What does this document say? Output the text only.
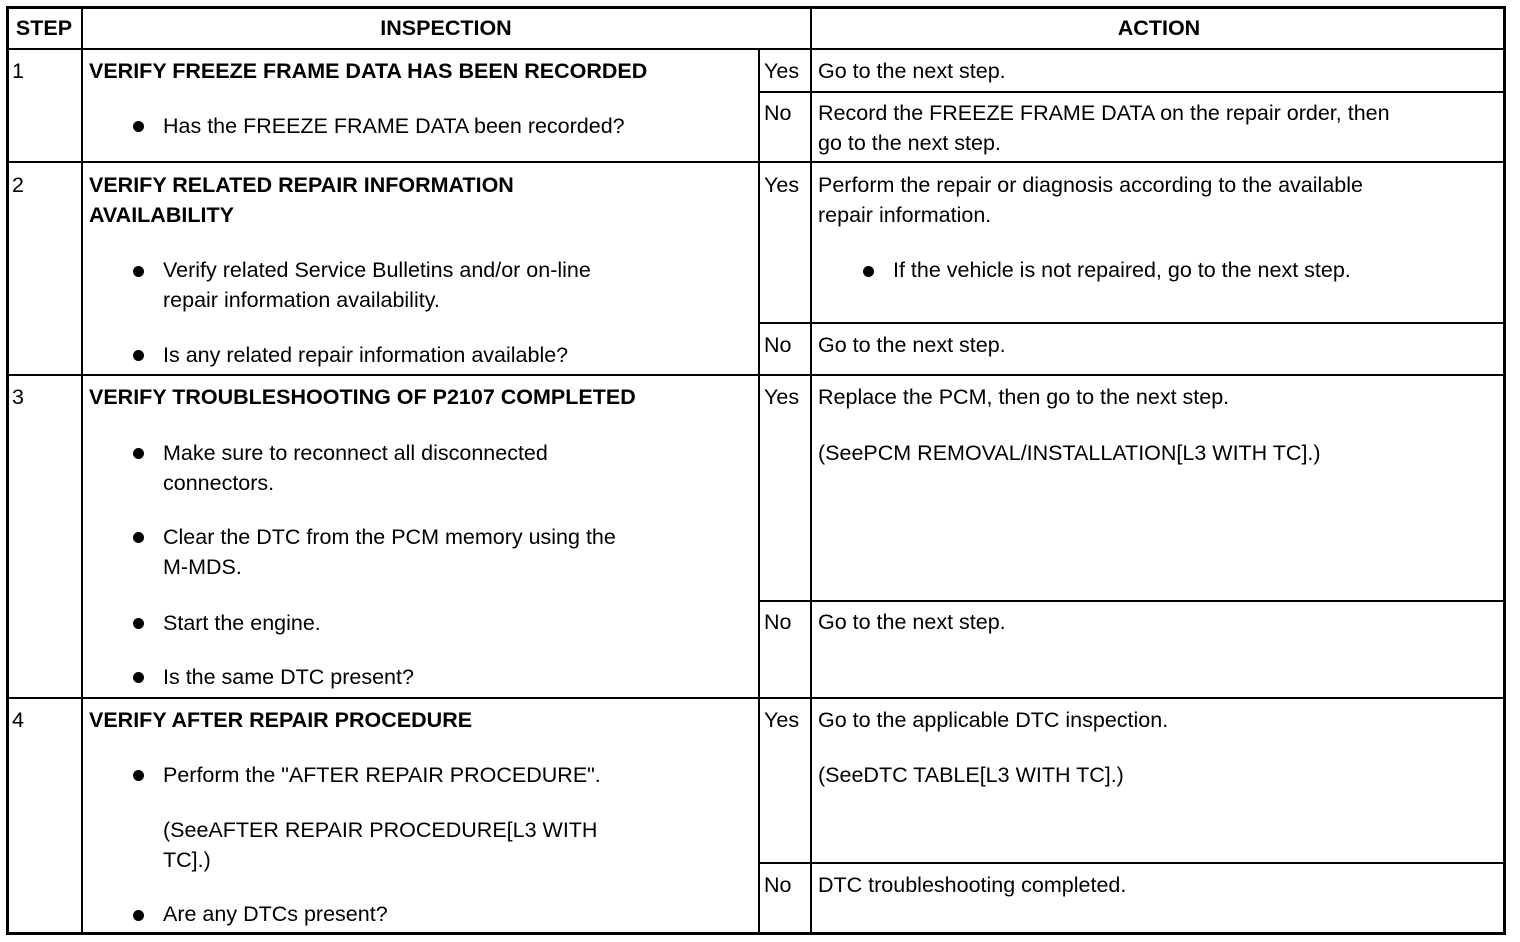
STEP	INSPECTION	ACTION
1	VERIFY FREEZE FRAME DATA HAS BEEN RECORDED
Has the FREEZE FRAME DATA been recorded?
Yes Go to the next step.
No Record the FREEZE FRAME DATA on the repair order, then
go to the next step.
2	VERIFY RELATED REPAIR INFORMATION
AVAILABILITY
Verify related Service Bulletins and/or on-line
repair information availability.
Is any related repair information available?
Yes Perform the repair or diagnosis according to the available
repair information.
If the vehicle is not repaired, go to the next step.
No Go to the next step.
3	VERIFY TROUBLESHOOTING OF P2107 COMPLETED
Make sure to reconnect all disconnected
connectors.
Clear the DTC from the PCM memory using the
M-MDS.
Start the engine.
Is the same DTC present?
Yes Replace the PCM, then go to the next step.
(SeePCM REMOVAL/INSTALLATION[L3 WITH TC].)
No Go to the next step.
4	VERIFY AFTER REPAIR PROCEDURE
Perform the "AFTER REPAIR PROCEDURE".
(SeeAFTER REPAIR PROCEDURE[L3 WITH
TC].)
Are any DTCs present?
Yes Go to the applicable DTC inspection.
(SeeDTC TABLE[L3 WITH TC].)
No DTC troubleshooting completed.
